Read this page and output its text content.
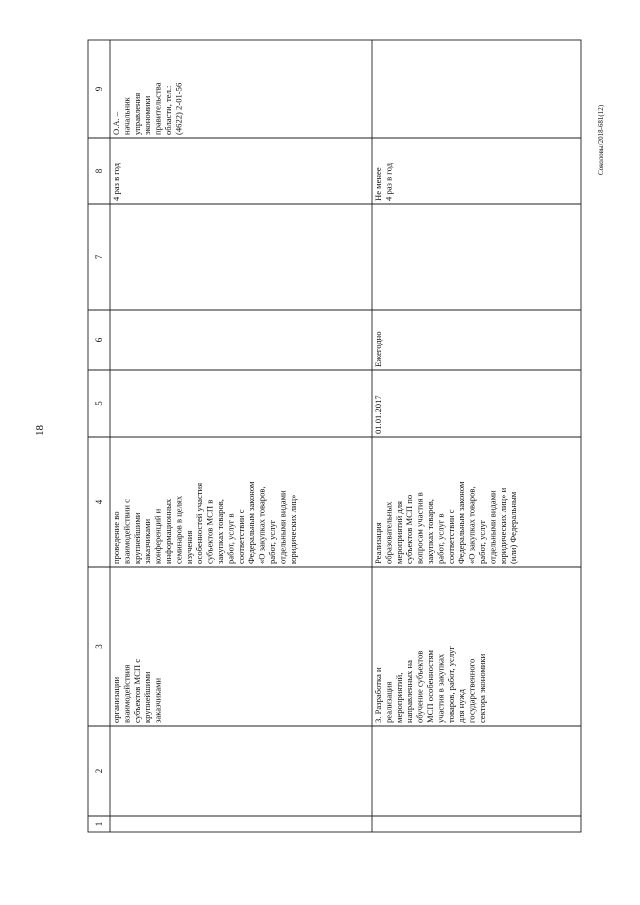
18
Соколовы/2018-681(12)
1
2
3
4
5
6
7
8
9
организации взаимодействия субъектов МСП с крупнейшими заказчиками
проведение во взаимодействии с крупнейшими заказчиками конференций и информационных семинаров в целях изучения особенностей участия субъектов МСП в закупках товаров, работ, услуг в соответствии с Федеральным законом «О закупках товаров, работ, услуг отдельными видами юридических лиц»
4 раз в год
О.А. – начальник управления экономики правительства области, тел.: (4622) 2-01-56
3. Разработка и реализация мероприятий, направленных на обучение субъектов МСП особенностям участия в закупках товаров, работ, услуг для нужд государственного сектора экономики
Реализация образовательных мероприятий для субъектов МСП по вопросам участия в закупках товаров, работ, услуг в соответствии с Федеральным законом «О закупках товаров, работ, услуг отдельными видами юридических лиц» и (или) Федеральным
01.01.2017
Ежегодно
Не менее 4 раз в год
